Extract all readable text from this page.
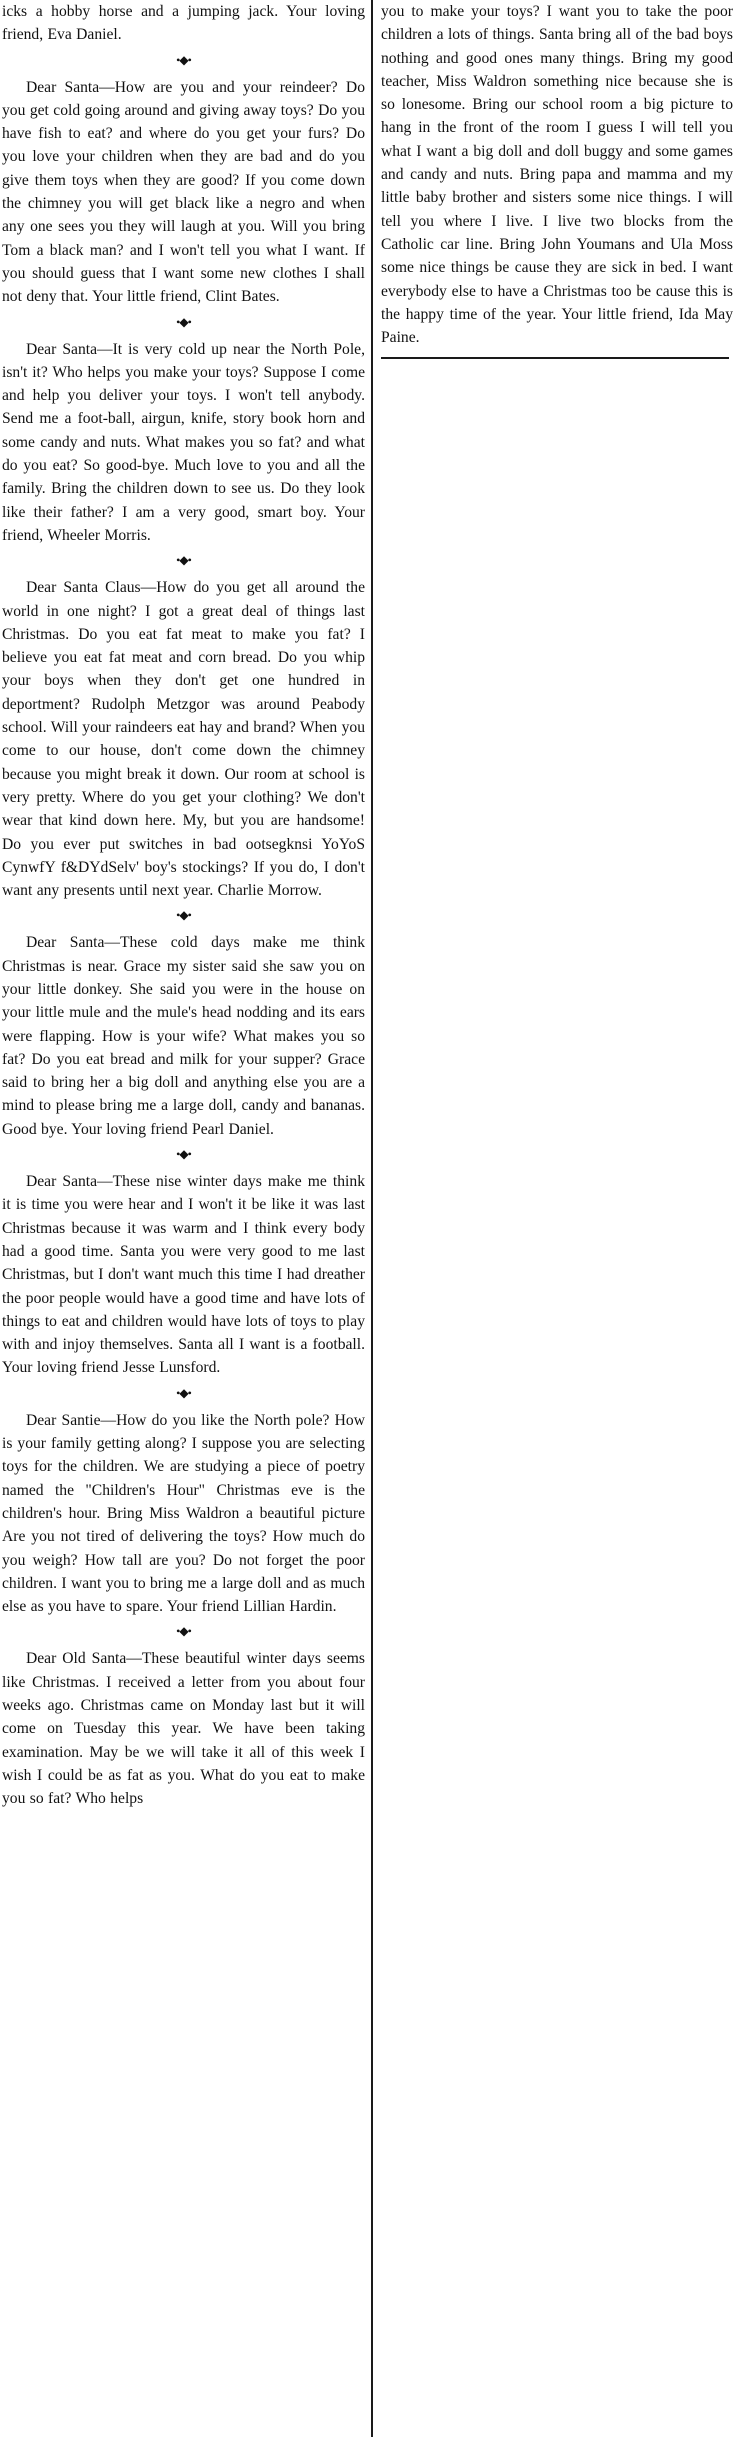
icks a hobby horse and a jumping jack. Your loving friend, Eva Daniel.

•◆•

Dear Santa—How are you and your reindeer? Do you get cold going around and giving away toys? Do you have fish to eat? and where do you get your furs? Do you love your children when they are bad and do you give them toys when they are good? If you come down the chimney you will get black like a negro and when any one sees you they will laugh at you. Will you bring Tom a black man? and I won't tell you what I want. If you should guess that I want some new clothes I shall not deny that. Your little friend, Clint Bates.

•◆•

Dear Santa—It is very cold up near the North Pole, isn't it? Who helps you make your toys? Suppose I come and help you deliver your toys. I won't tell anybody. Send me a foot-ball, airgun, knife, story book horn and some candy and nuts. What makes you so fat? and what do you eat? So good-bye. Much love to you and all the family. Bring the children down to see us. Do they look like their father? I am a very good, smart boy. Your friend, Wheeler Morris.

•◆•

Dear Santa Claus—How do you get all around the world in one night? I got a great deal of things last Christmas. Do you eat fat meat to make you fat? I believe you eat fat meat and corn bread. Do you whip your boys when they don't get one hundred in deportment? Rudolph Metzgor was around Peabody school. Will your raindeers eat hay and brand? When you come to our house, don't come down the chimney because you might break it down. Our room at school is very pretty. Where do you get your clothing? We don't wear that kind down here. My, but you are handsome! Do you ever put switches in bad ootsegknsi YoYoS CynwfY f&DYdSelv' boy's stockings? If you do, I don't want any presents until next year. Charlie Morrow.

•◆•

Dear Santa—These cold days make me think Christmas is near. Grace my sister said she saw you on your little donkey. She said you were in the house on your little mule and the mule's head nodding and its ears were flapping. How is your wife? What makes you so fat? Do you eat bread and milk for your supper? Grace said to bring her a big doll and anything else you are a mind to please bring me a large doll, candy and bananas. Good bye. Your loving friend Pearl Daniel.

•◆•

Dear Santa—These nise winter days make me think it is time you were hear and I won't it be like it was last Christmas because it was warm and I think every body had a good time. Santa you were very good to me last Christmas, but I don't want much this time I had dreather the poor people would have a good time and have lots of things to eat and children would have lots of toys to play with and injoy themselves. Santa all I want is a football. Your loving friend Jesse Lunsford.

•◆•

Dear Santie—How do you like the North pole? How is your family getting along? I suppose you are selecting toys for the children. We are studying a piece of poetry named the "Children's Hour" Christmas eve is the children's hour. Bring Miss Waldron a beautiful picture Are you not tired of delivering the toys? How much do you weigh? How tall are you? Do not forget the poor children. I want you to bring me a large doll and as much else as you have to spare. Your friend Lillian Hardin.

•◆•

Dear Old Santa—These beautiful winter days seems like Christmas. I received a letter from you about four weeks ago. Christmas came on Monday last but it will come on Tuesday this year. We have been taking examination. May be we will take it all of this week I wish I could be as fat as you. What do you eat to make you so fat? Who helps

you to make your toys? I want you to take the poor children a lots of things. Santa bring all of the bad boys nothing and good ones many things. Bring my good teacher, Miss Waldron something nice because she is so lonesome. Bring our school room a big picture to hang in the front of the room I guess I will tell you what I want a big doll and doll buggy and some games and candy and nuts. Bring papa and mamma and my little baby brother and sisters some nice things. I will tell you where I live. I live two blocks from the Catholic car line. Bring John Youmans and Ula Moss some nice things be cause they are sick in bed. I want everybody else to have a Christmas too be cause this is the happy time of the year. Your little friend, Ida May Paine.
